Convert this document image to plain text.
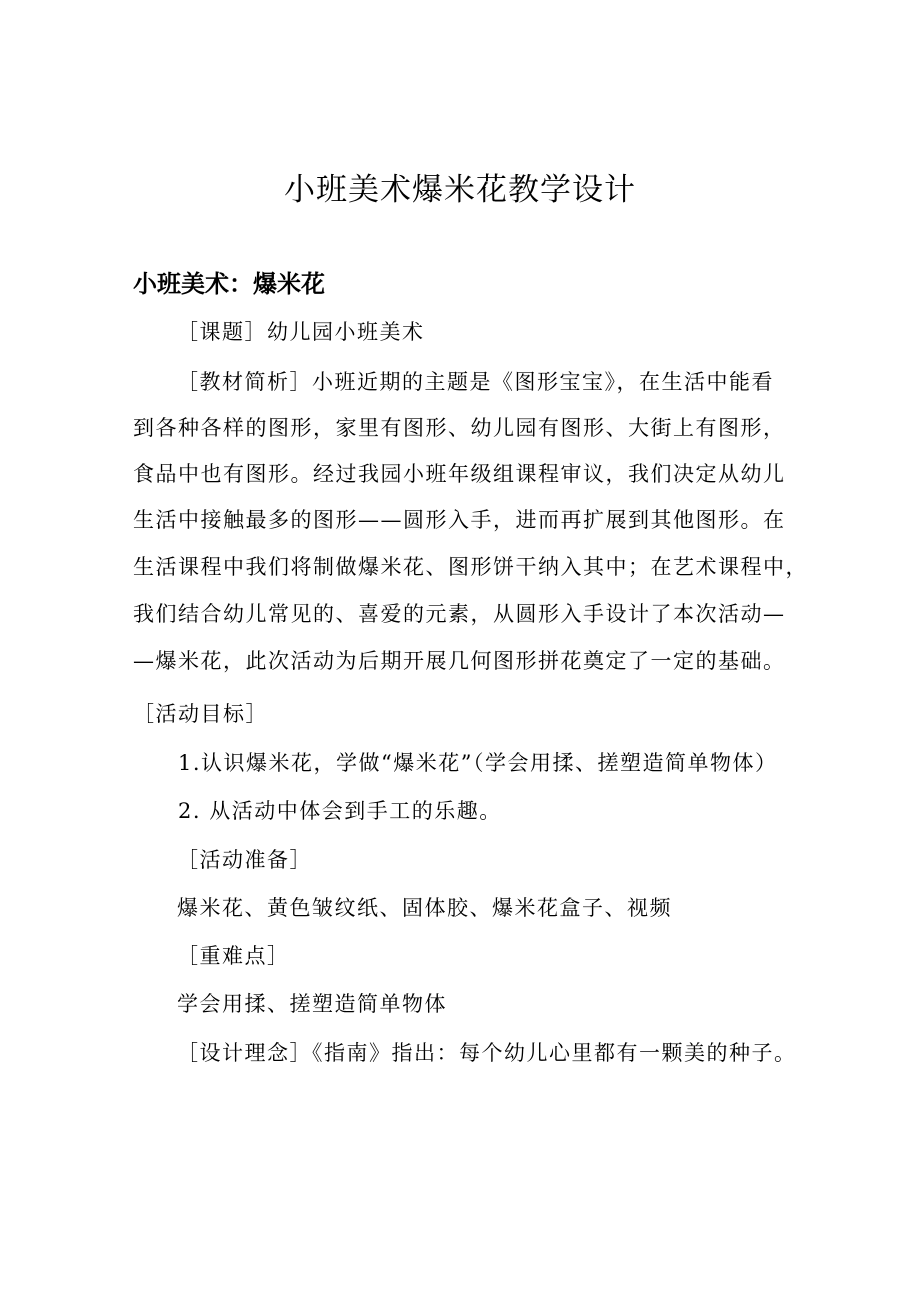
小班美术爆米花教学设计
小班美术：爆米花

［课题］幼儿园小班美术

［教材简析］小班近期的主题是《图形宝宝》，在生活中能看

到各种各样的图形，家里有图形、幼儿园有图形、大街上有图形，

食品中也有图形。经过我园小班年级组课程审议，我们决定从幼儿

生活中接触最多的图形——圆形入手，进而再扩展到其他图形。在

生活课程中我们将制做爆米花、图形饼干纳入其中；在艺术课程中，

我们结合幼儿常见的、喜爱的元素，从圆形入手设计了本次活动—

—爆米花，此次活动为后期开展几何图形拼花奠定了一定的基础。

［活动目标］

1.认识爆米花，学做“爆米花”（学会用揉、搓塑造简单物体）

2. 从活动中体会到手工的乐趣。

［活动准备］

爆米花、黄色皱纹纸、固体胶、爆米花盒子、视频

［重难点］

学会用揉、搓塑造简单物体

［设计理念］《指南》指出：每个幼儿心里都有一颗美的种子。
